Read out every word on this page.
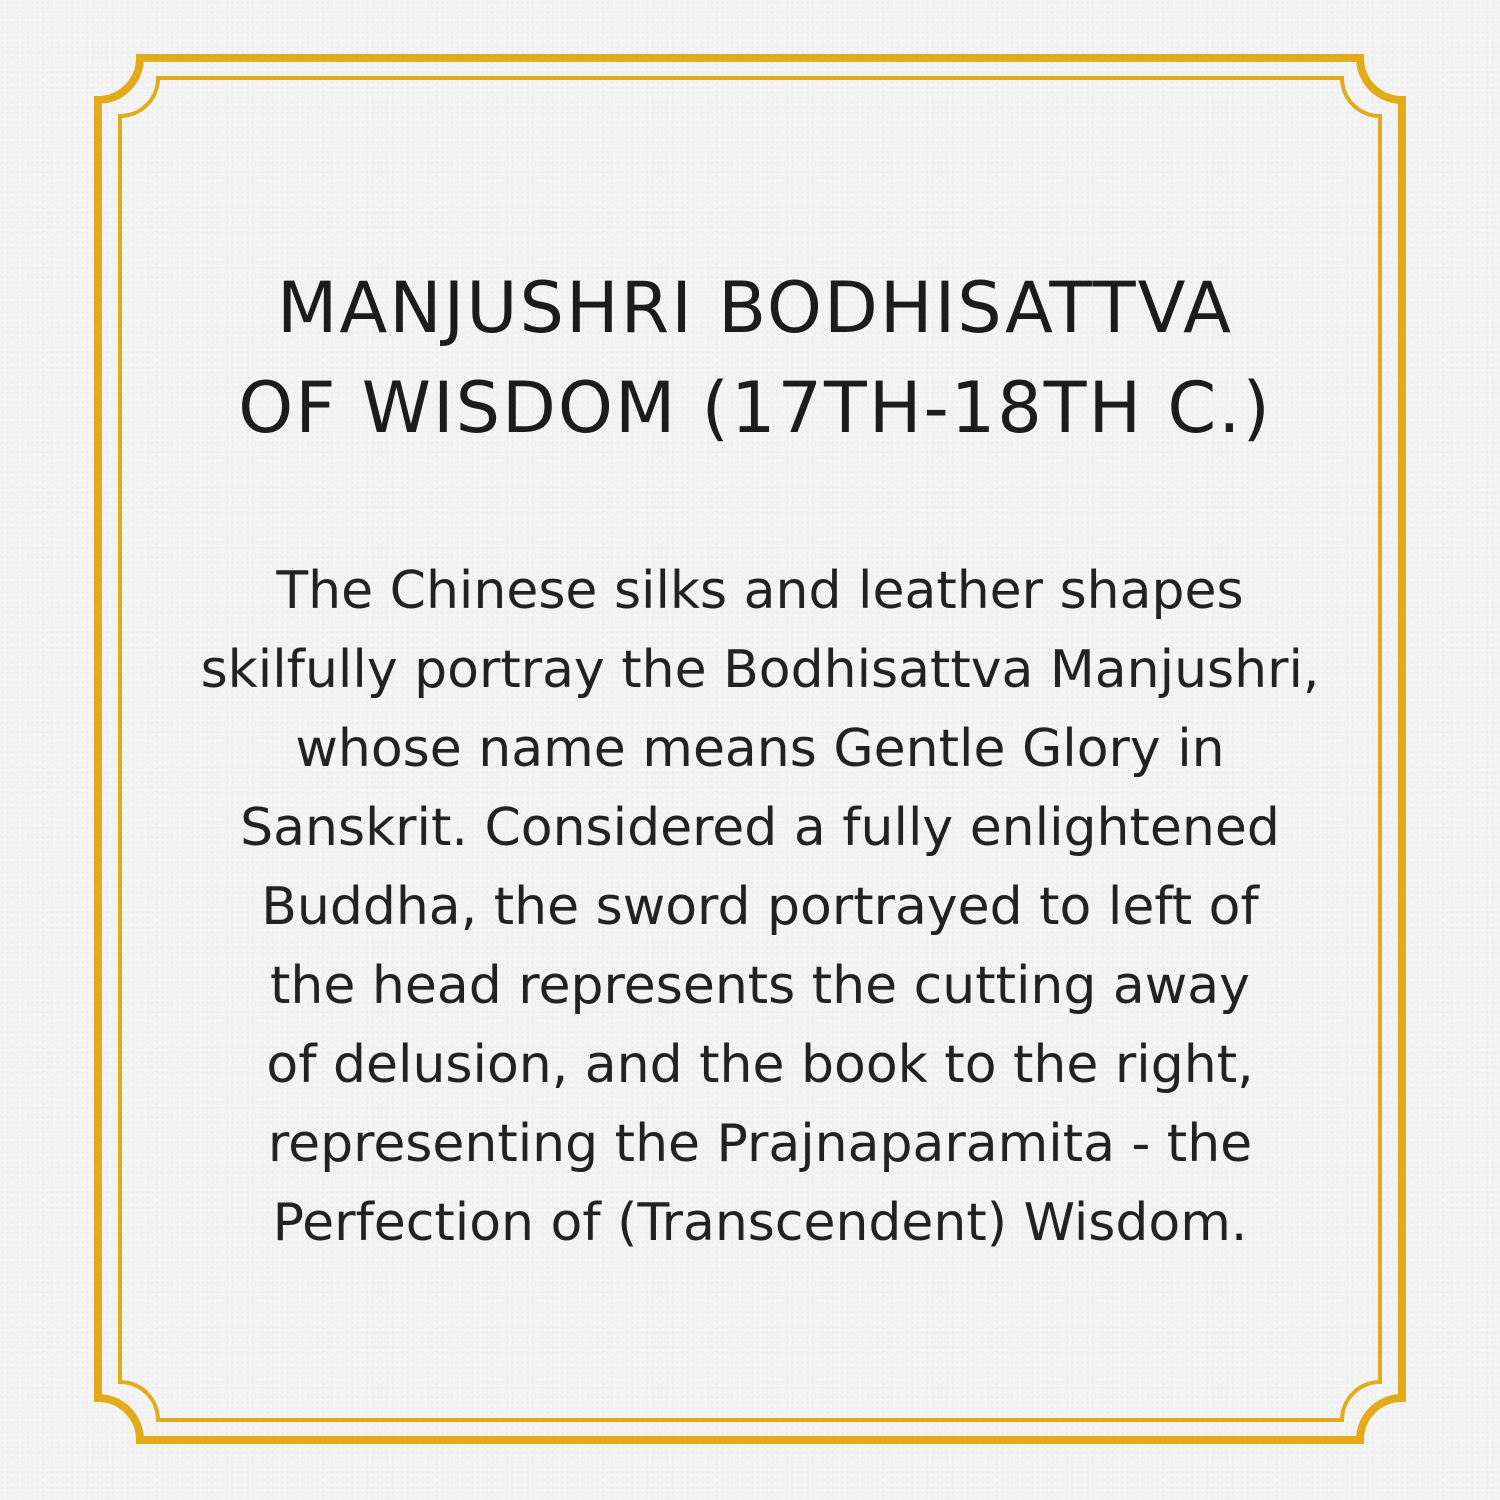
MANJUSHRI BODHISATTVA
OF WISDOM (17TH-18TH C.)

The Chinese silks and leather shapes
skilfully portray the Bodhisattva Manjushri,
whose name means Gentle Glory in
Sanskrit. Considered a fully enlightened
Buddha, the sword portrayed to left of
the head represents the cutting away
of delusion, and the book to the right,
representing the Prajnaparamita - the
Perfection of (Transcendent) Wisdom.
